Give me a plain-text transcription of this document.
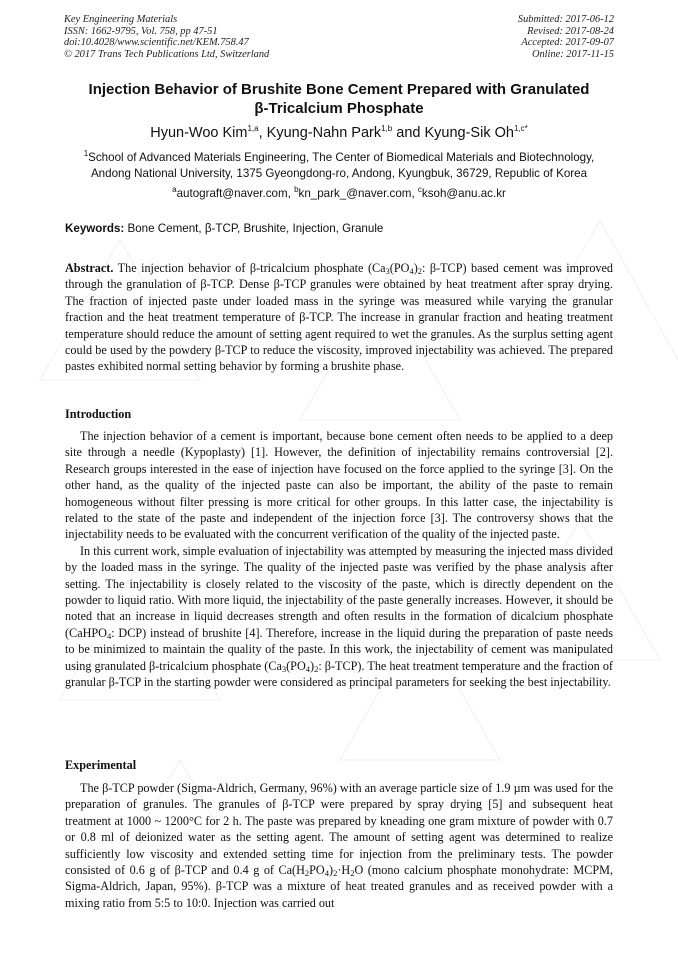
Key Engineering Materials
ISSN: 1662-9795, Vol. 758, pp 47-51
doi:10.4028/www.scientific.net/KEM.758.47
© 2017 Trans Tech Publications Ltd, Switzerland
Submitted: 2017-06-12
Revised: 2017-08-24
Accepted: 2017-09-07
Online: 2017-11-15
Injection Behavior of Brushite Bone Cement Prepared with Granulated
β-Tricalcium Phosphate
Hyun-Woo Kim$^{1,a}$, Kyung-Nahn Park$^{1,b}$ and Kyung-Sik $Oh^{1,c*}$
$^1$School of Advanced Materials Engineering, The Center of Biomedical Materials and Biotechnology,
Andong National University, 1375 Gyeongdong-ro, Andong, Kyungbuk, 36729, Republic of Korea
$^a$autograft@naver.com, $^b$kn_park_@naver.com, $^c$ksoh@anu.ac.kr
Keywords: Bone Cement, β-TCP, Brushite, Injection, Granule
Abstract. The injection behavior of β-tricalcium phosphate ($Ca_3(PO_4)_2$: β-TCP) based cement was improved through the granulation of β-TCP. Dense β-TCP granules were obtained by heat treatment after spray drying. The fraction of injected paste under loaded mass in the syringe was measured while varying the granular fraction and the heat treatment temperature of β-TCP. The increase in granular fraction and heating treatment temperature should reduce the amount of setting agent required to wet the granules. As the surplus setting agent could be used by the powdery β-TCP to reduce the viscosity, improved injectability was achieved. The prepared pastes exhibited normal setting behavior by forming a brushite phase.
Introduction

The injection behavior of a cement is important, because bone cement often needs to be applied to a deep site through a needle (Kypoplasty) [1]. However, the definition of injectability remains controversial [2]. Research groups interested in the ease of injection have focused on the force applied to the syringe [3]. On the other hand, as the quality of the injected paste can also be important, the ability of the paste to remain homogeneous without filter pressing is more critical for other groups. In this latter case, the injectability is related to the state of the paste and independent of the injection force [3]. The controversy shows that the injectability needs to be evaluated with the concurrent verification of the quality of the injected paste.

In this current work, simple evaluation of injectability was attempted by measuring the injected mass divided by the loaded mass in the syringe. The quality of the injected paste was verified by the phase analysis after setting. The injectability is closely related to the viscosity of the paste, which is directly dependent on the powder to liquid ratio. With more liquid, the injectability of the paste generally increases. However, it should be noted that an increase in liquid decreases strength and often results in the formation of dicalcium phosphate (CaHPO$_4$: DCP) instead of brushite [4]. Therefore, increase in the liquid during the preparation of paste needs to be minimized to maintain the quality of the paste. In this work, the injectability of cement was manipulated using granulated β-tricalcium phosphate ($Ca_3(PO_4)_2$: β-TCP). The heat treatment temperature and the fraction of granular β-TCP in the starting powder were considered as principal parameters for seeking the best injectability.

Experimental

The β-TCP powder (Sigma-Aldrich, Germany, 96%) with an average particle size of 1.9 µm was used for the preparation of granules. The granules of β-TCP were prepared by spray drying [5] and subsequent heat treatment at 1000 ~ 1200°C for 2 h. The paste was prepared by kneading one gram mixture of powder with 0.7 or 0.8 ml of deionized water as the setting agent. The amount of setting agent was determined to realize sufficiently low viscosity and extended setting time for injection from the preliminary tests. The powder consisted of 0.6 g of β-TCP and 0.4 g of $Ca(H_2PO_4)_2\cdot H_2O$ (mono calcium phosphate monohydrate: MCPM, Sigma-Aldrich, Japan, 95%). β-TCP was a mixture of heat treated granules and as received powder with a mixing ratio from 5:5 to 10:0. Injection was carried out
